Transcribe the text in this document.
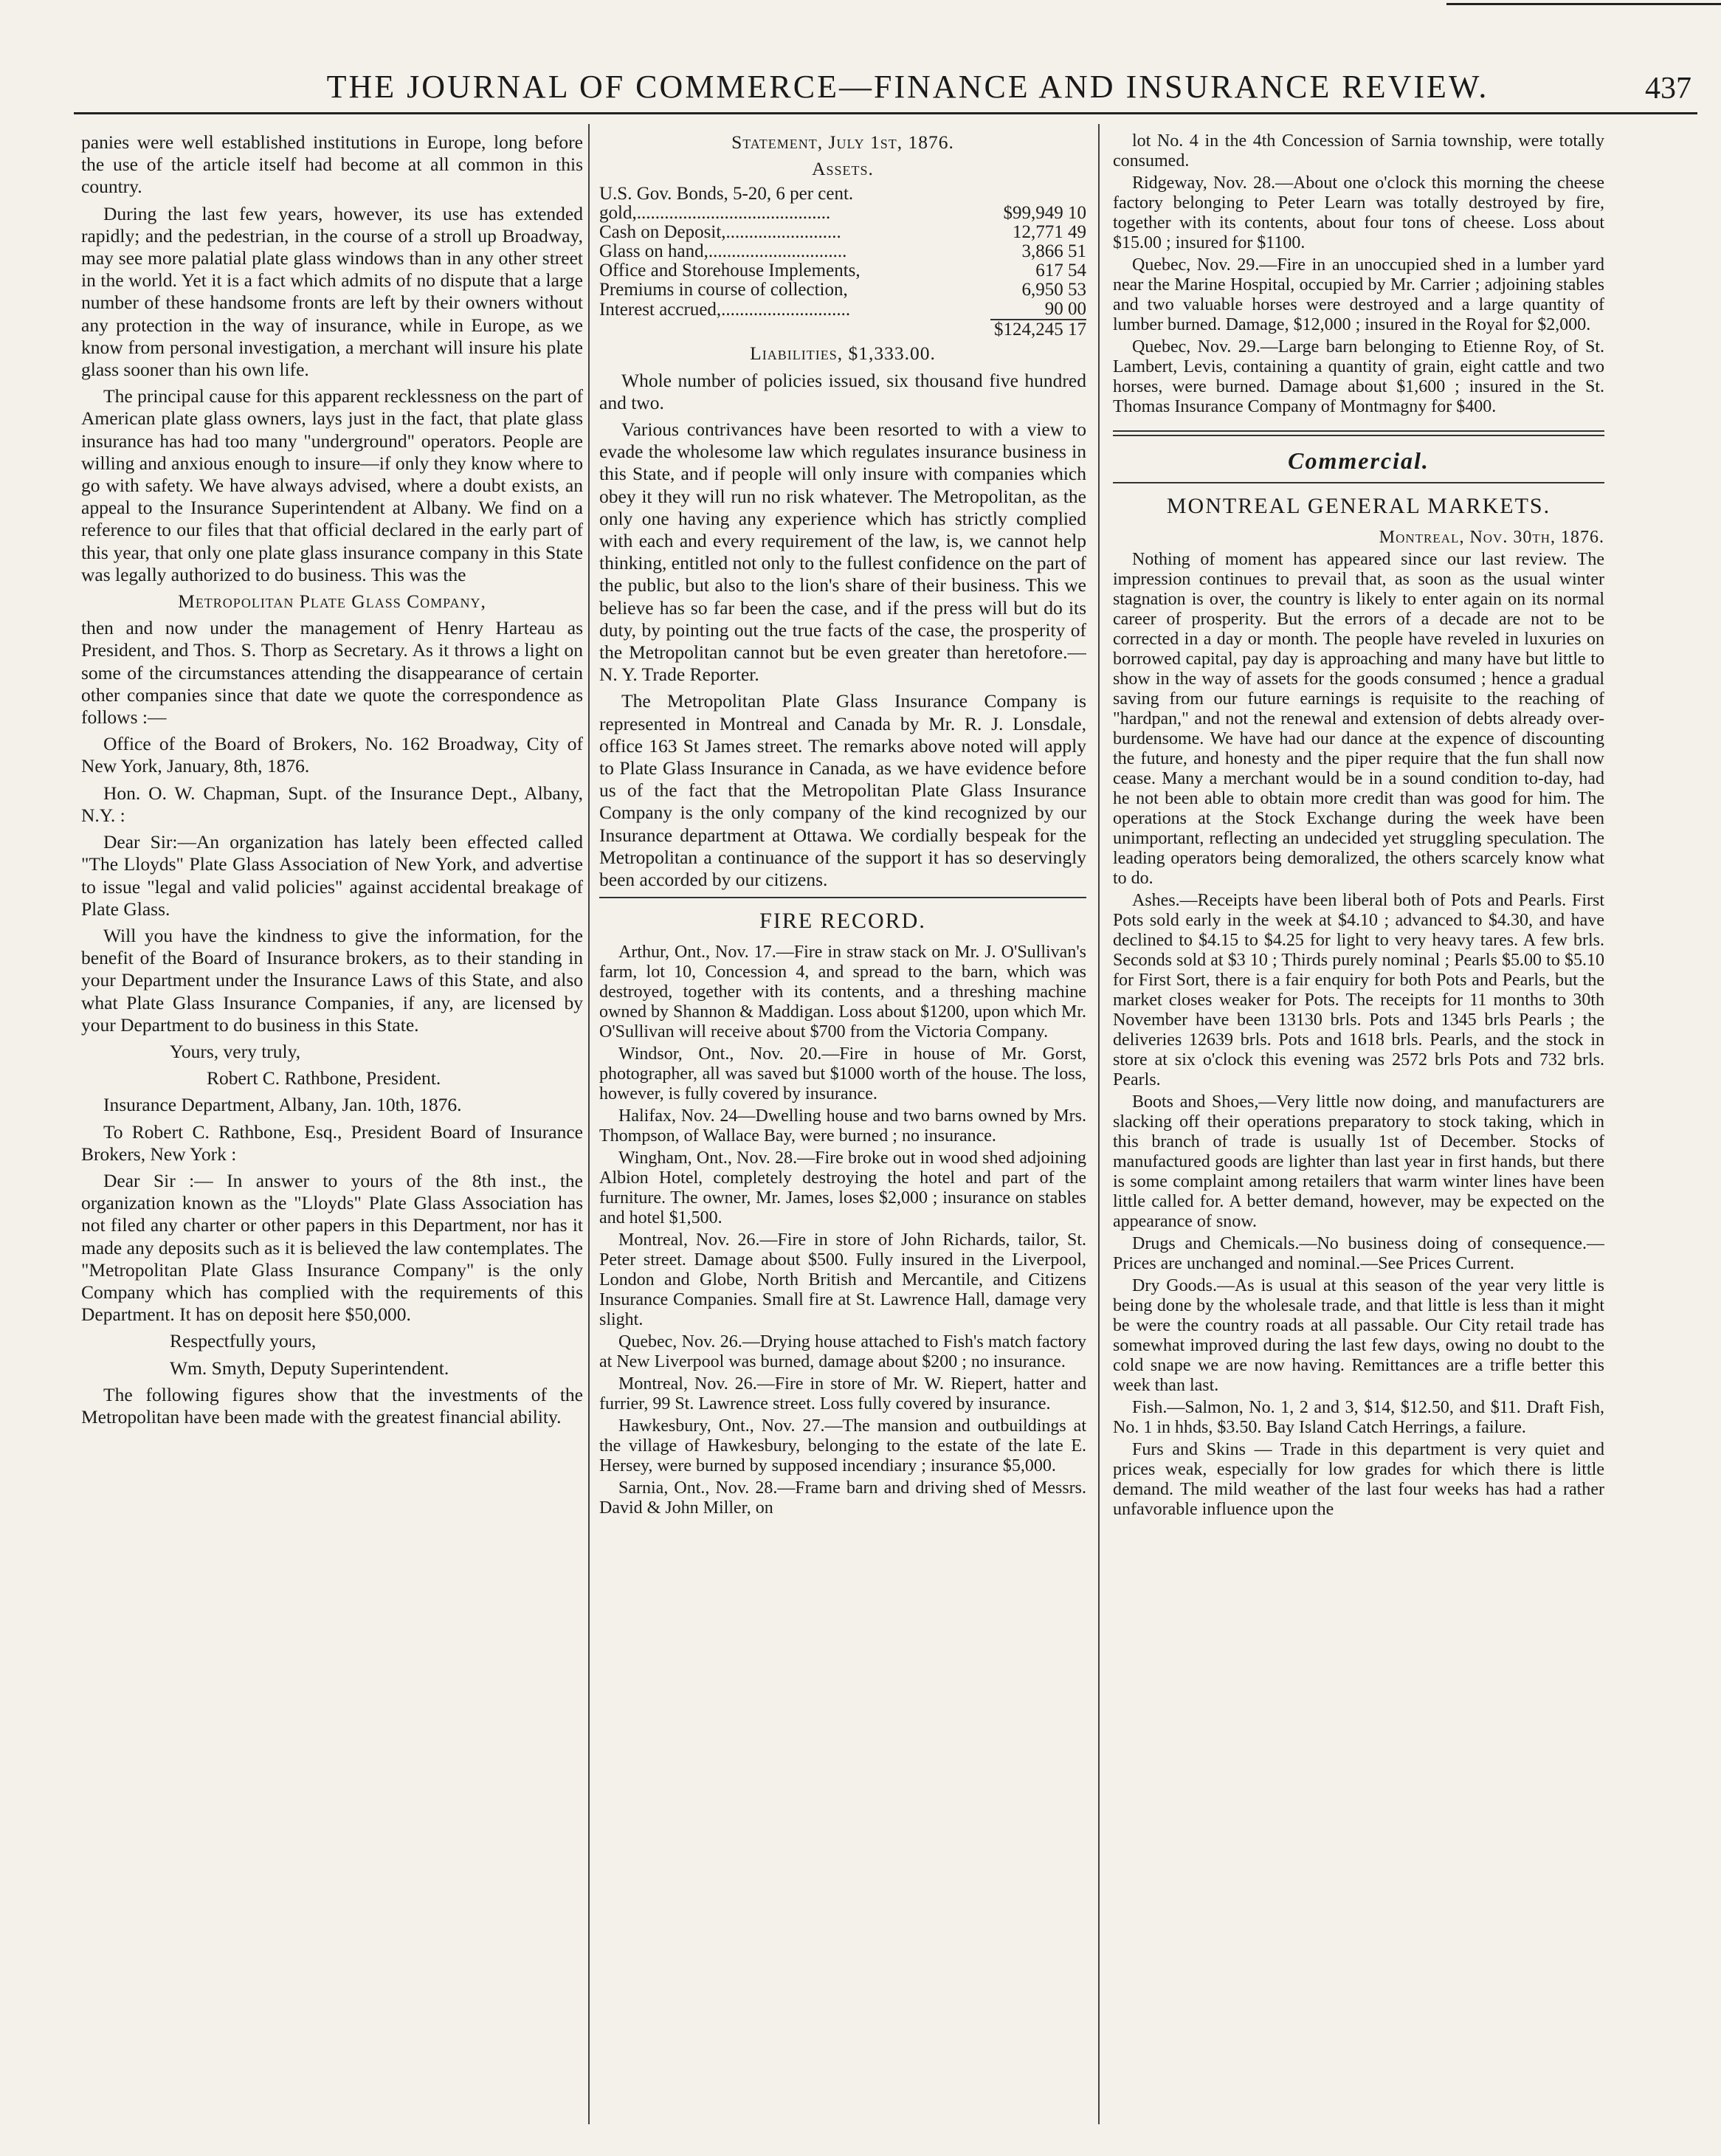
THE JOURNAL OF COMMERCE—FINANCE AND INSURANCE REVIEW.	437

panies were well established institutions in Europe, long before the use of the article itself had become at all common in this country.

During the last few years, however, its use has extended rapidly; and the pedestrian, in the course of a stroll up Broadway, may see more palatial plate glass windows than in any other street in the world. Yet it is a fact which admits of no dispute that a large number of these handsome fronts are left by their owners without any protection in the way of insurance, while in Europe, as we know from personal investigation, a merchant will insure his plate glass sooner than his own life.

The principal cause for this apparent recklessness on the part of American plate glass owners, lays just in the fact, that plate glass insurance has had too many "underground" operators. People are willing and anxious enough to insure—if only they know where to go with safety. We have always advised, where a doubt exists, an appeal to the Insurance Superintendent at Albany. We find on a reference to our files that that official declared in the early part of this year, that only one plate glass insurance company in this State was legally authorized to do business. This was the

Metropolitan Plate Glass Company,

then and now under the management of Henry Harteau as President, and Thos. S. Thorp as Secretary. As it throws a light on some of the circumstances attending the disappearance of certain other companies since that date we quote the correspondence as follows :—

Office of the Board of Brokers, No. 162 Broadway, City of New York, January, 8th, 1876.

Hon. O. W. Chapman, Supt. of the Insurance Dept., Albany, N.Y. :

Dear Sir:—An organization has lately been effected called "The Lloyds" Plate Glass Association of New York, and advertise to issue "legal and valid policies" against accidental breakage of Plate Glass.

Will you have the kindness to give the information, for the benefit of the Board of Insurance brokers, as to their standing in your Department under the Insurance Laws of this State, and also what Plate Glass Insurance Companies, if any, are licensed by your Department to do business in this State.

Yours, very truly,

Robert C. Rathbone, President.

Insurance Department, Albany, Jan. 10th, 1876.

To Robert C. Rathbone, Esq., President Board of Insurance Brokers, New York :

Dear Sir :— In answer to yours of the 8th inst., the organization known as the "Lloyds" Plate Glass Association has not filed any charter or other papers in this Department, nor has it made any deposits such as it is believed the law contemplates. The "Metropolitan Plate Glass Insurance Company" is the only Company which has complied with the requirements of this Department. It has on deposit here $50,000.

Respectfully yours,

Wm. Smyth, Deputy Superintendent.

The following figures show that the investments of the Metropolitan have been made with the greatest financial ability.

Statement, July 1st, 1876.

Assets.

U.S. Gov. Bonds, 5-20, 6 per cent.	
gold,..........................................	$99,949 10
Cash on Deposit,.........................	12,771 49
Glass on hand,..............................	3,866 51
Office and Storehouse Implements,	617 54
Premiums in course of collection,	6,950 53
Interest accrued,............................	90 00
	$124,245 17

Liabilities, $1,333.00.

Whole number of policies issued, six thousand five hundred and two.

Various contrivances have been resorted to with a view to evade the wholesome law which regulates insurance business in this State, and if people will only insure with companies which obey it they will run no risk whatever. The Metropolitan, as the only one having any experience which has strictly complied with each and every requirement of the law, is, we cannot help thinking, entitled not only to the fullest confidence on the part of the public, but also to the lion's share of their business. This we believe has so far been the case, and if the press will but do its duty, by pointing out the true facts of the case, the prosperity of the Metropolitan cannot but be even greater than heretofore.—N. Y. Trade Reporter.

The Metropolitan Plate Glass Insurance Company is represented in Montreal and Canada by Mr. R. J. Lonsdale, office 163 St James street. The remarks above noted will apply to Plate Glass Insurance in Canada, as we have evidence before us of the fact that the Metropolitan Plate Glass Insurance Company is the only company of the kind recognized by our Insurance department at Ottawa. We cordially bespeak for the Metropolitan a continuance of the support it has so deservingly been accorded by our citizens.

FIRE RECORD.

Arthur, Ont., Nov. 17.—Fire in straw stack on Mr. J. O'Sullivan's farm, lot 10, Concession 4, and spread to the barn, which was destroyed, together with its contents, and a threshing machine owned by Shannon & Maddigan. Loss about $1200, upon which Mr. O'Sullivan will receive about $700 from the Victoria Company.

Windsor, Ont., Nov. 20.—Fire in house of Mr. Gorst, photographer, all was saved but $1000 worth of the house. The loss, however, is fully covered by insurance.

Halifax, Nov. 24—Dwelling house and two barns owned by Mrs. Thompson, of Wallace Bay, were burned ; no insurance.

Wingham, Ont., Nov. 28.—Fire broke out in wood shed adjoining Albion Hotel, completely destroying the hotel and part of the furniture. The owner, Mr. James, loses $2,000 ; insurance on stables and hotel $1,500.

Montreal, Nov. 26.—Fire in store of John Richards, tailor, St. Peter street. Damage about $500. Fully insured in the Liverpool, London and Globe, North British and Mercantile, and Citizens Insurance Companies. Small fire at St. Lawrence Hall, damage very slight.

Quebec, Nov. 26.—Drying house attached to Fish's match factory at New Liverpool was burned, damage about $200 ; no insurance.

Montreal, Nov. 26.—Fire in store of Mr. W. Riepert, hatter and furrier, 99 St. Lawrence street. Loss fully covered by insurance.

Hawkesbury, Ont., Nov. 27.—The mansion and outbuildings at the village of Hawkesbury, belonging to the estate of the late E. Hersey, were burned by supposed incendiary ; insurance $5,000.

Sarnia, Ont., Nov. 28.—Frame barn and driving shed of Messrs. David & John Miller, on

lot No. 4 in the 4th Concession of Sarnia township, were totally consumed.

Ridgeway, Nov. 28.—About one o'clock this morning the cheese factory belonging to Peter Learn was totally destroyed by fire, together with its contents, about four tons of cheese. Loss about $15.00 ; insured for $1100.

Quebec, Nov. 29.—Fire in an unoccupied shed in a lumber yard near the Marine Hospital, occupied by Mr. Carrier ; adjoining stables and two valuable horses were destroyed and a large quantity of lumber burned. Damage, $12,000 ; insured in the Royal for $2,000.

Quebec, Nov. 29.—Large barn belonging to Etienne Roy, of St. Lambert, Levis, containing a quantity of grain, eight cattle and two horses, were burned. Damage about $1,600 ; insured in the St. Thomas Insurance Company of Montmagny for $400.

Commercial.
MONTREAL GENERAL MARKETS.

Montreal, Nov. 30th, 1876.

Nothing of moment has appeared since our last review. The impression continues to prevail that, as soon as the usual winter stagnation is over, the country is likely to enter again on its normal career of prosperity. But the errors of a decade are not to be corrected in a day or month. The people have reveled in luxuries on borrowed capital, pay day is approaching and many have but little to show in the way of assets for the goods consumed ; hence a gradual saving from our future earnings is requisite to the reaching of "hardpan," and not the renewal and extension of debts already over-burdensome. We have had our dance at the expence of discounting the future, and honesty and the piper require that the fun shall now cease. Many a merchant would be in a sound condition to-day, had he not been able to obtain more credit than was good for him. The operations at the Stock Exchange during the week have been unimportant, reflecting an undecided yet struggling speculation. The leading operators being demoralized, the others scarcely know what to do.

Ashes.—Receipts have been liberal both of Pots and Pearls. First Pots sold early in the week at $4.10 ; advanced to $4.30, and have declined to $4.15 to $4.25 for light to very heavy tares. A few brls. Seconds sold at $3 10 ; Thirds purely nominal ; Pearls $5.00 to $5.10 for First Sort, there is a fair enquiry for both Pots and Pearls, but the market closes weaker for Pots. The receipts for 11 months to 30th November have been 13130 brls. Pots and 1345 brls Pearls ; the deliveries 12639 brls. Pots and 1618 brls. Pearls, and the stock in store at six o'clock this evening was 2572 brls Pots and 732 brls. Pearls.

Boots and Shoes,—Very little now doing, and manufacturers are slacking off their operations preparatory to stock taking, which in this branch of trade is usually 1st of December. Stocks of manufactured goods are lighter than last year in first hands, but there is some complaint among retailers that warm winter lines have been little called for. A better demand, however, may be expected on the appearance of snow.

Drugs and Chemicals.—No business doing of consequence.—Prices are unchanged and nominal.—See Prices Current.

Dry Goods.—As is usual at this season of the year very little is being done by the wholesale trade, and that little is less than it might be were the country roads at all passable. Our City retail trade has somewhat improved during the last few days, owing no doubt to the cold snape we are now having. Remittances are a trifle better this week than last.

Fish.—Salmon, No. 1, 2 and 3, $14, $12.50, and $11. Draft Fish, No. 1 in hhds, $3.50. Bay Island Catch Herrings, a failure.

Furs and Skins — Trade in this department is very quiet and prices weak, especially for low grades for which there is little demand. The mild weather of the last four weeks has had a rather unfavorable influence upon the
